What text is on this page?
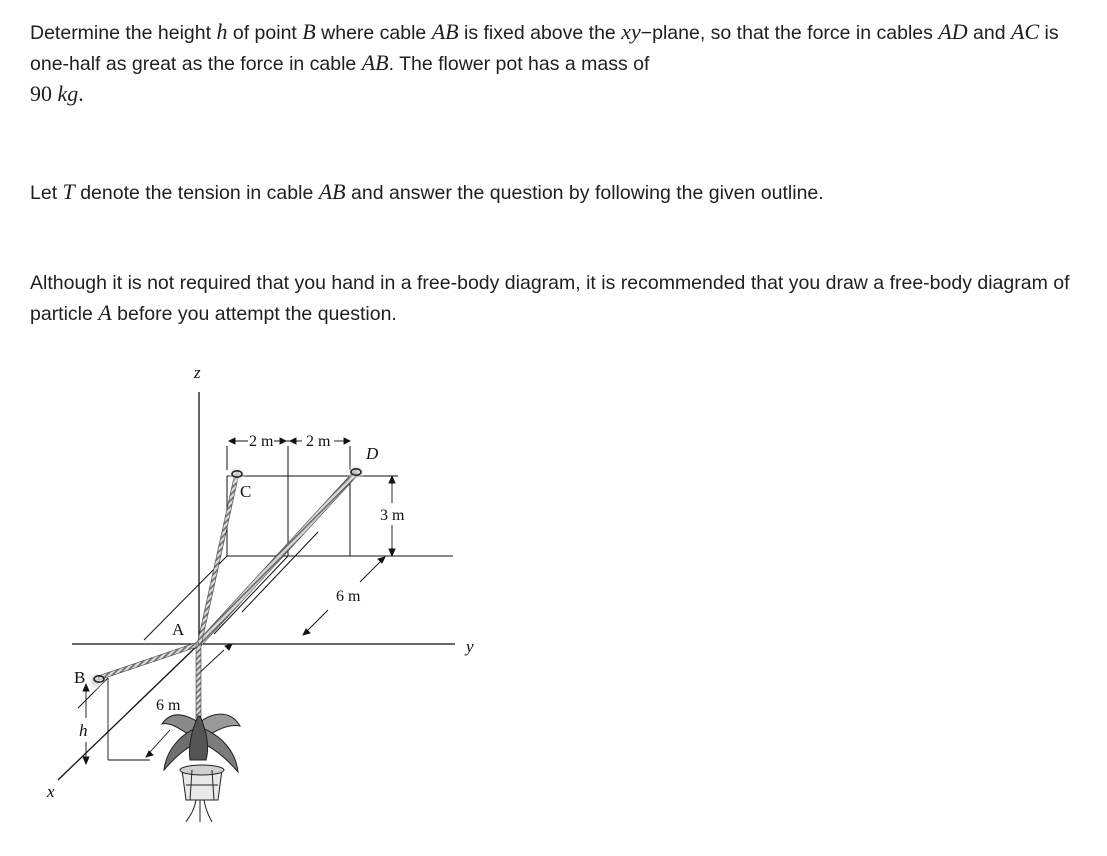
Determine the height h of point B where cable AB is fixed above the xy−plane, so that the force in cables AD and AC is one-half as great as the force in cable AB. The flower pot has a mass of
90 kg.

Let T denote the tension in cable AB and answer the question by following the given outline.

Although it is not required that you hand in a free-body diagram, it is recommended that you draw a free-body diagram of particle A before you attempt the question.

z
y
x
2 m 2 m
D
C
3 m
6 m
A
B
6 m
h
